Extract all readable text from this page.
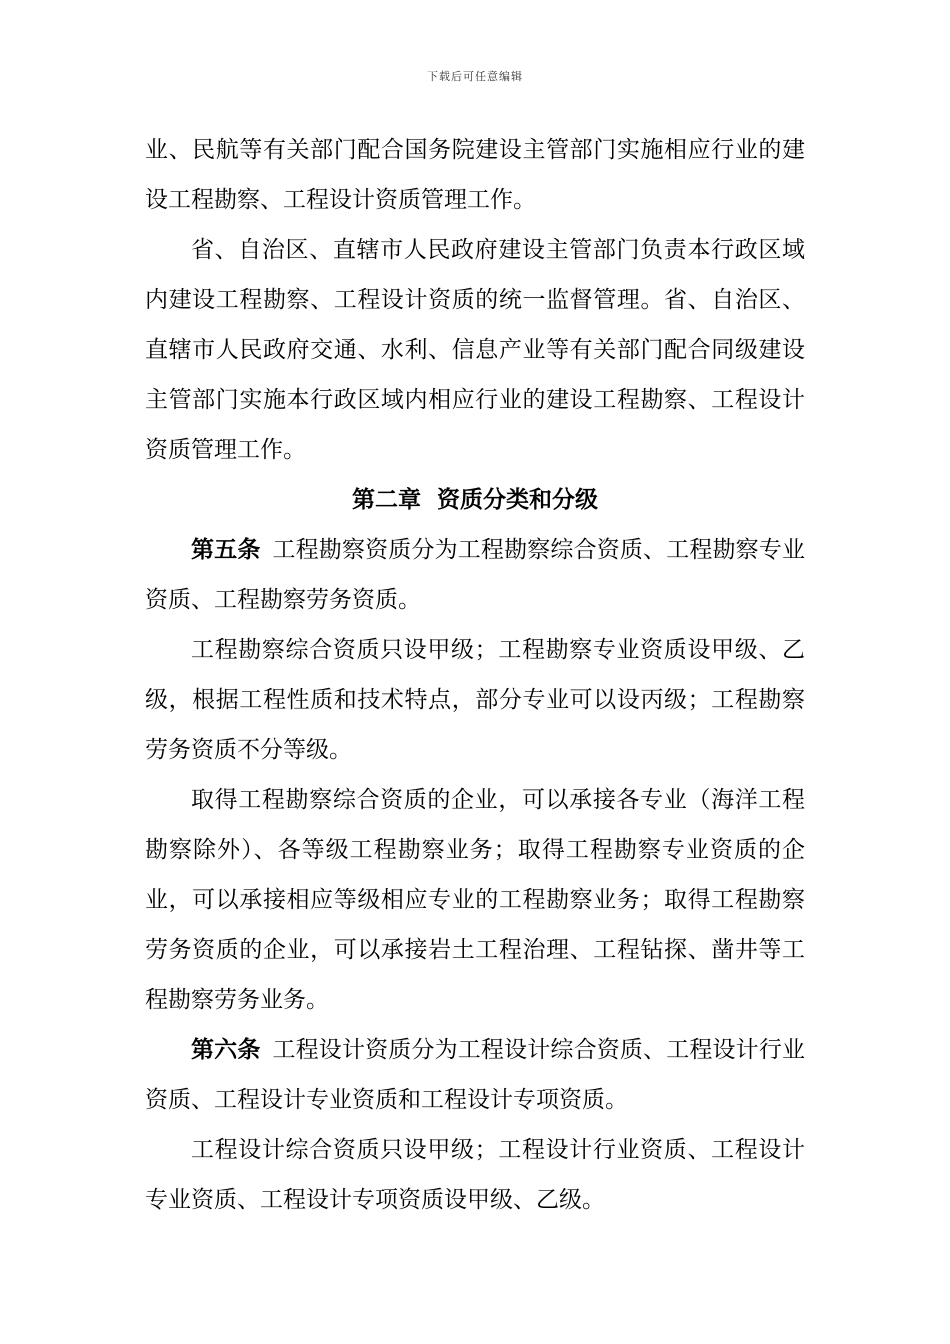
下载后可任意编辑

业、民航等有关部门配合国务院建设主管部门实施相应行业的建设工程勘察、工程设计资质管理工作。

省、自治区、直辖市人民政府建设主管部门负责本行政区域内建设工程勘察、工程设计资质的统一监督管理。省、自治区、直辖市人民政府交通、水利、信息产业等有关部门配合同级建设主管部门实施本行政区域内相应行业的建设工程勘察、工程设计资质管理工作。

第二章  资质分类和分级

第五条 工程勘察资质分为工程勘察综合资质、工程勘察专业资质、工程勘察劳务资质。

工程勘察综合资质只设甲级；工程勘察专业资质设甲级、乙级，根据工程性质和技术特点，部分专业可以设丙级；工程勘察劳务资质不分等级。

取得工程勘察综合资质的企业，可以承接各专业（海洋工程勘察除外）、各等级工程勘察业务；取得工程勘察专业资质的企业，可以承接相应等级相应专业的工程勘察业务；取得工程勘察劳务资质的企业，可以承接岩土工程治理、工程钻探、凿井等工程勘察劳务业务。

第六条 工程设计资质分为工程设计综合资质、工程设计行业资质、工程设计专业资质和工程设计专项资质。

工程设计综合资质只设甲级；工程设计行业资质、工程设计专业资质、工程设计专项资质设甲级、乙级。
